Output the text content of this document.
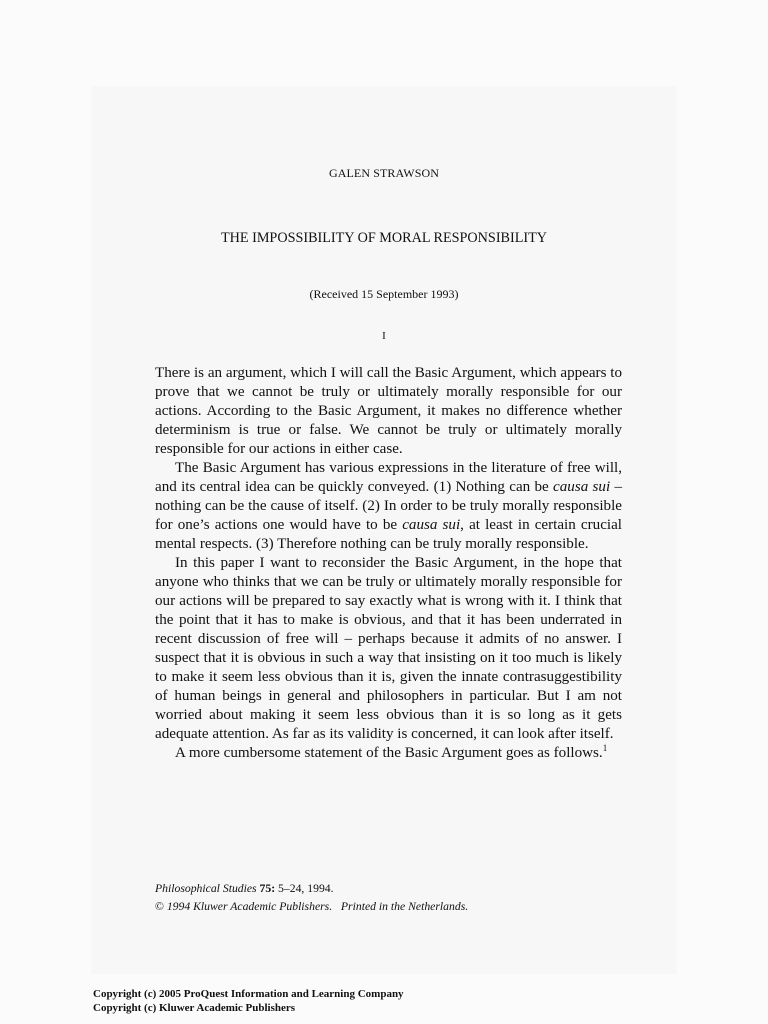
GALEN STRAWSON
THE IMPOSSIBILITY OF MORAL RESPONSIBILITY
(Received 15 September 1993)
I

There is an argument, which I will call the Basic Argument, which appears to prove that we cannot be truly or ultimately morally responsible for our actions. According to the Basic Argument, it makes no difference whether determinism is true or false. We cannot be truly or ultimately morally responsible for our actions in either case.

The Basic Argument has various expressions in the literature of free will, and its central idea can be quickly conveyed. (1) Nothing can be causa sui – nothing can be the cause of itself. (2) In order to be truly morally responsible for one’s actions one would have to be causa sui, at least in certain crucial mental respects. (3) Therefore nothing can be truly morally responsible.

In this paper I want to reconsider the Basic Argument, in the hope that anyone who thinks that we can be truly or ultimately morally responsible for our actions will be prepared to say exactly what is wrong with it. I think that the point that it has to make is obvious, and that it has been underrated in recent discussion of free will – perhaps because it admits of no answer. I suspect that it is obvious in such a way that insisting on it too much is likely to make it seem less obvious than it is, given the innate contrasuggestibility of human beings in general and philosophers in particular. But I am not worried about making it seem less obvious than it is so long as it gets adequate attention. As far as its validity is concerned, it can look after itself.

A more cumbersome statement of the Basic Argument goes as follows.$^1$

Philosophical Studies 75: 5–24, 1994.
© 1994 Kluwer Academic Publishers. Printed in the Netherlands.
Copyright (c) 2005 ProQuest Information and Learning Company
Copyright (c) Kluwer Academic Publishers
